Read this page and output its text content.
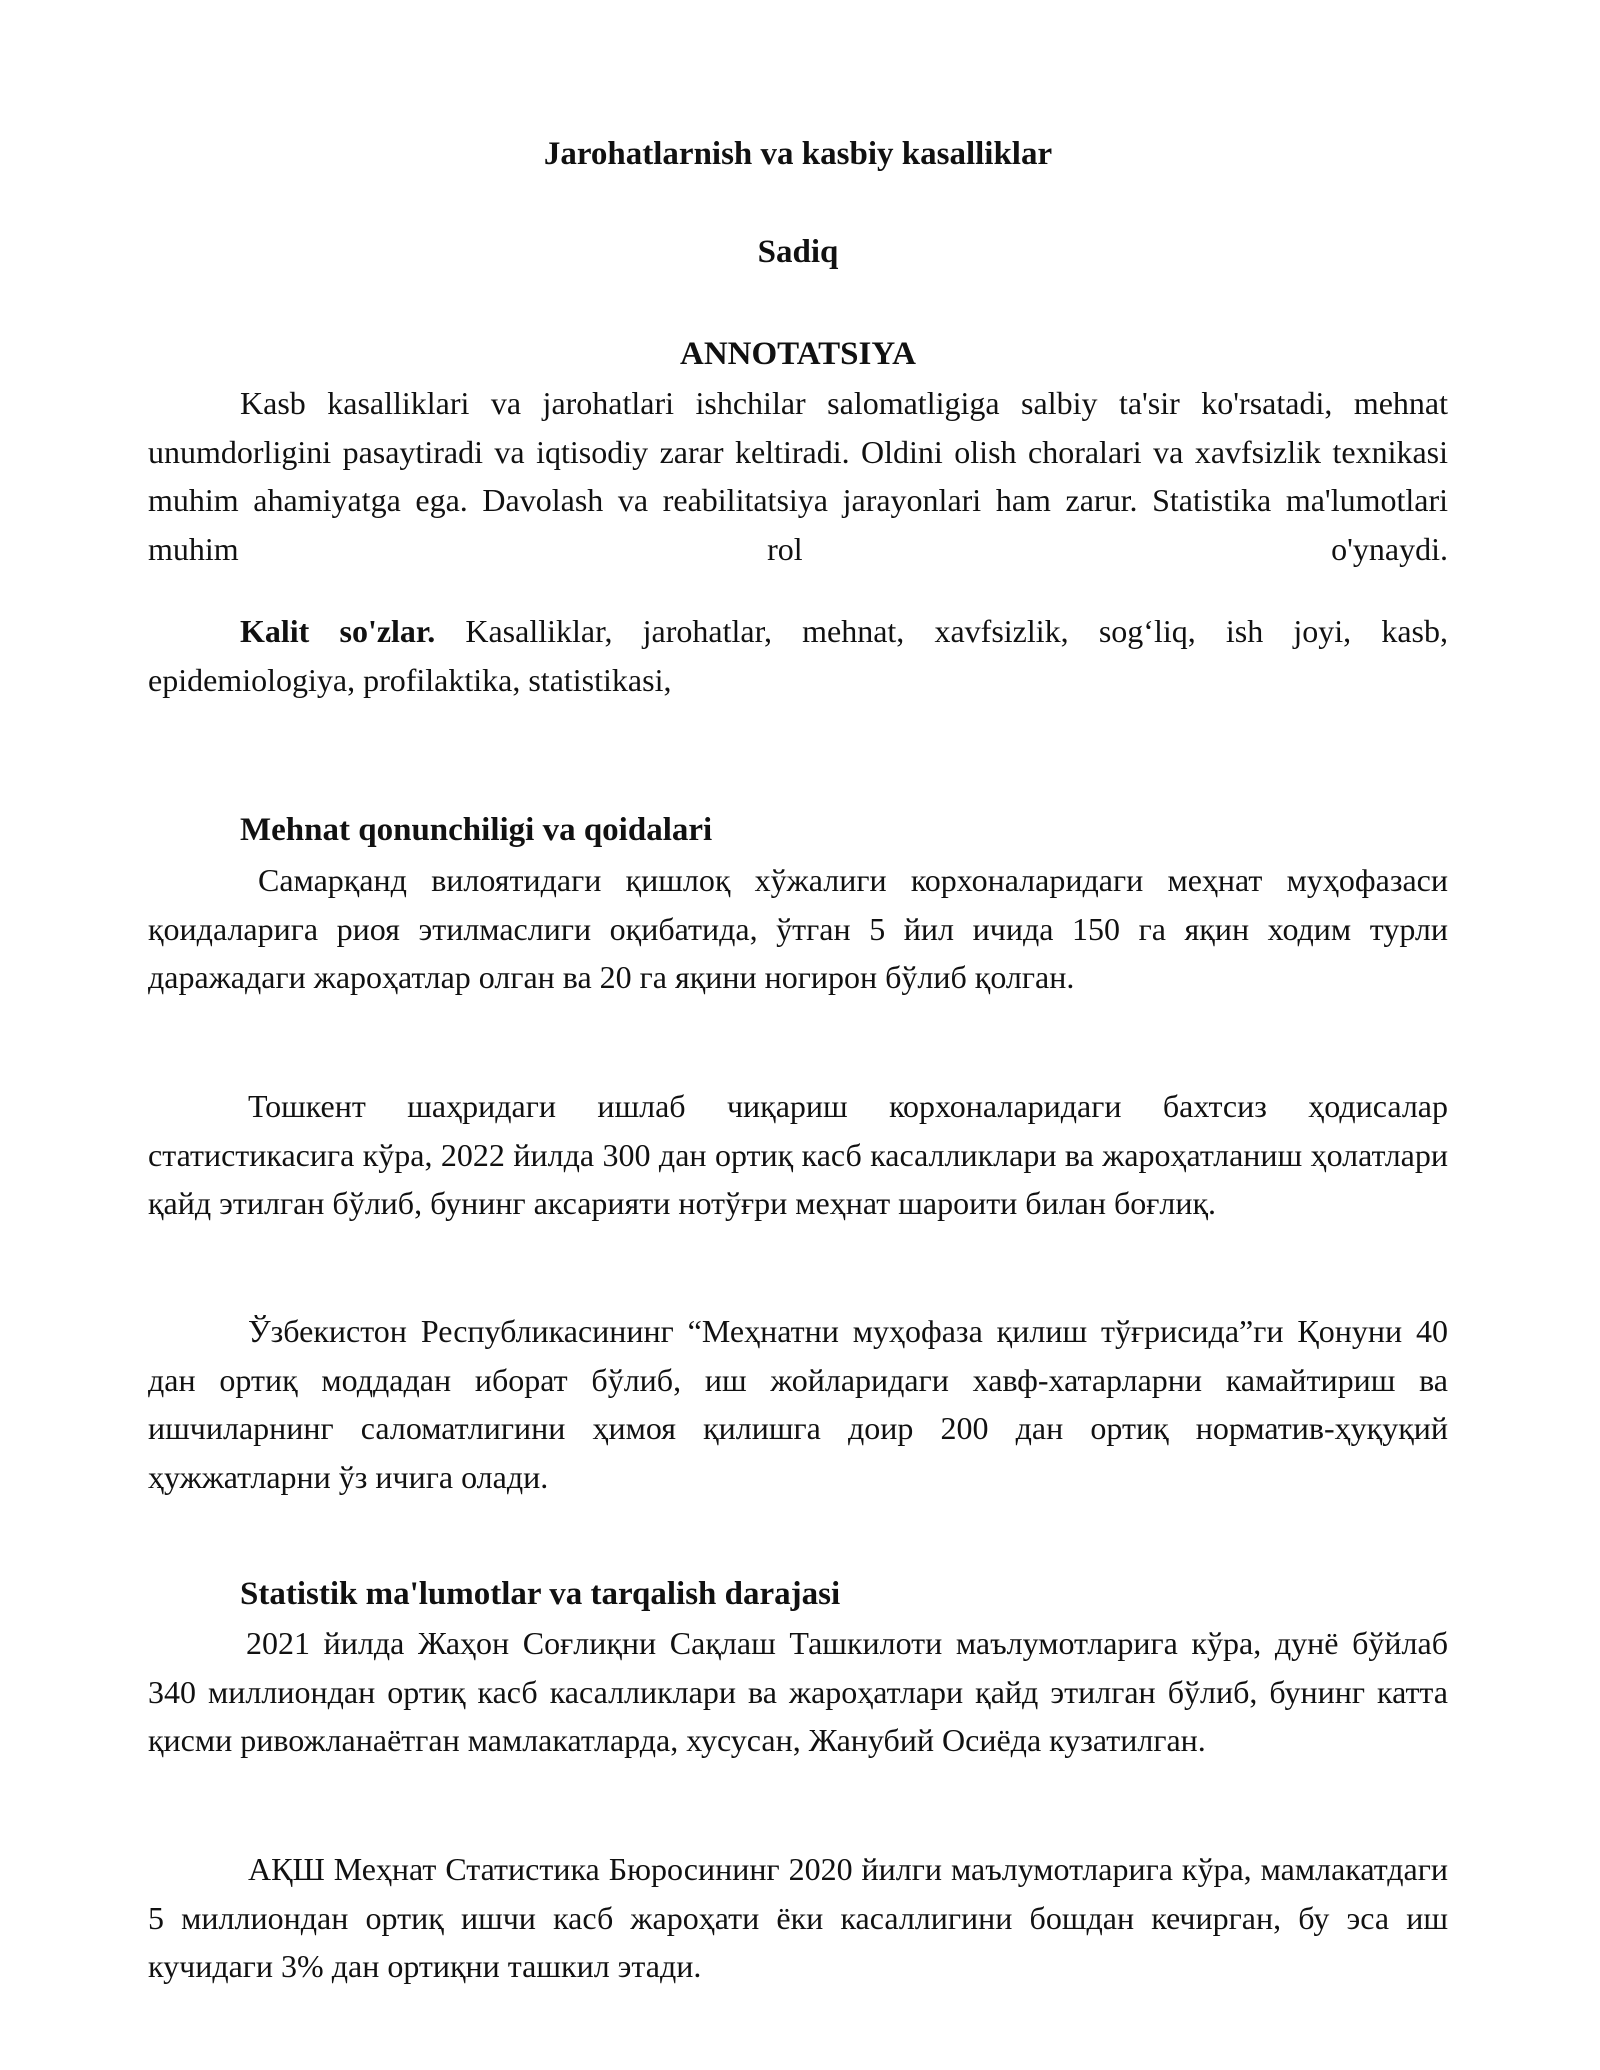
Jarohatlarnish va kasbiy kasalliklar
Sadiq
ANNOTATSIYA
Kasb kasalliklari va jarohatlari ishchilar salomatligiga salbiy ta'sir ko'rsatadi, mehnat unumdorligini pasaytiradi va iqtisodiy zarar keltiradi. Oldini olish choralari va xavfsizlik texnikasi muhim ahamiyatga ega. Davolash va reabilitatsiya jarayonlari ham zarur. Statistika ma'lumotlari muhim rol o'ynaydi.
Kalit so'zlar. Kasalliklar, jarohatlar, mehnat, xavfsizlik, sog‘liq, ish joyi, kasb, epidemiologiya, profilaktika, statistikasi,
Mehnat qonunchiligi va qoidalari
Самарқанд вилоятидаги қишлоқ хўжалиги корхоналаридаги меҳнат муҳофазаси қоидаларига риоя этилмаслиги оқибатида, ўтган 5 йил ичида 150 га яқин ходим турли даражадаги жароҳатлар олган ва 20 га яқини ногирон бўлиб қолган.
Тошкент шаҳридаги ишлаб чиқариш корхоналаридаги бахтсиз ҳодисалар статистикасига кўра, 2022 йилда 300 дан ортиқ касб касалликлари ва жароҳатланиш ҳолатлари қайд этилган бўлиб, бунинг аксарияти нотўғри меҳнат шароити билан боғлиқ.
Ўзбекистон Республикасининг “Меҳнатни муҳофаза қилиш тўғрисида”ги Қонуни 40 дан ортиқ моддадан иборат бўлиб, иш жойларидаги хавф-хатарларни камайтириш ва ишчиларнинг саломатлигини ҳимоя қилишга доир 200 дан ортиқ норматив-ҳуқуқий ҳужжатларни ўз ичига олади.
Statistik ma'lumotlar va tarqalish darajasi
2021 йилда Жаҳон Соғлиқни Сақлаш Ташкилоти маълумотларига кўра, дунё бўйлаб 340 миллиондан ортиқ касб касалликлари ва жароҳатлари қайд этилган бўлиб, бунинг катта қисми ривожланаётган мамлакатларда, хусусан, Жанубий Осиёда кузатилган.
АҚШ Меҳнат Статистика Бюросининг 2020 йилги маълумотларига кўра, мамлакатдаги 5 миллиондан ортиқ ишчи касб жароҳати ёки касаллигини бошдан кечирган, бу эса иш кучидаги 3% дан ортиқни ташкил этади.
